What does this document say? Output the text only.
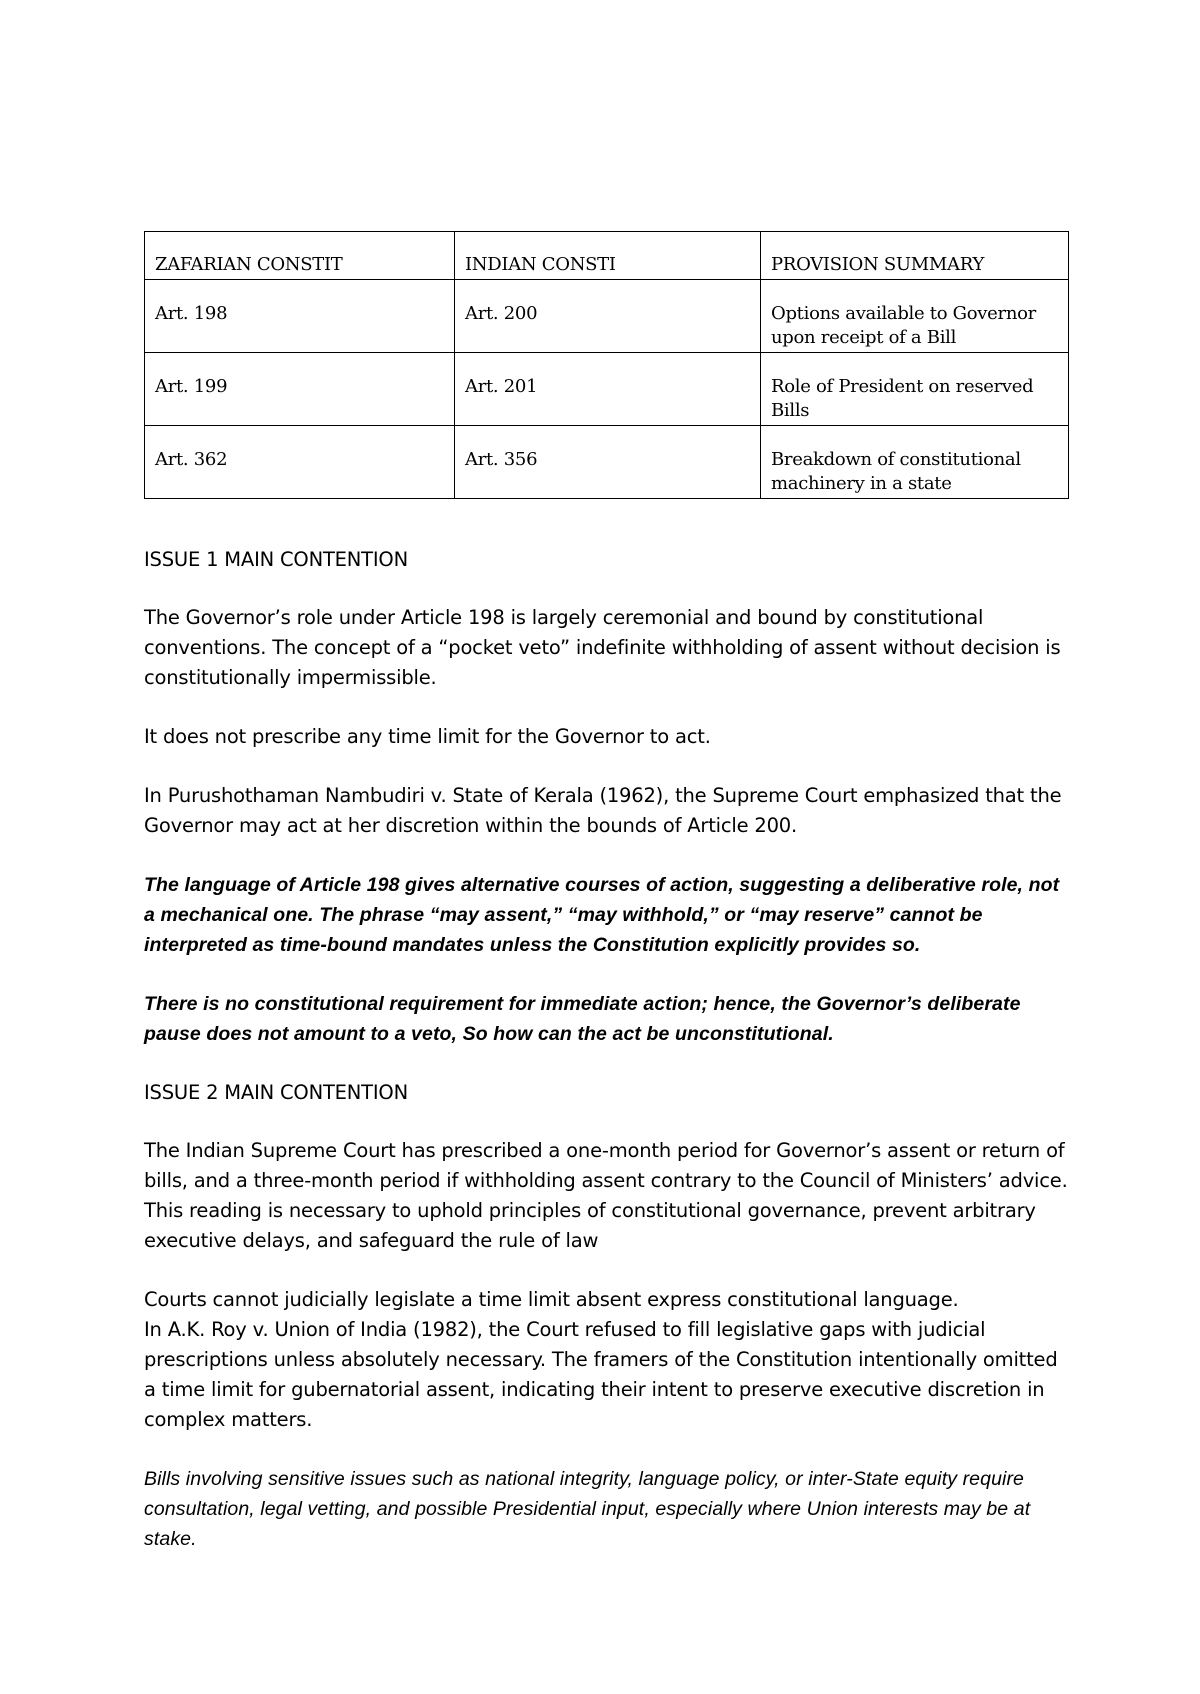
ZAFARIAN CONSTIT	INDIAN CONSTI	PROVISION SUMMARY
Art. 198	Art. 200	Options available to Governor upon receipt of a Bill
Art. 199	Art. 201	Role of President on reserved Bills
Art. 362	Art. 356	Breakdown of constitutional machinery in a state

ISSUE 1 MAIN CONTENTION

The Governor’s role under Article 198 is largely ceremonial and bound by constitutional conventions. The concept of a “pocket veto” indefinite withholding of assent without decision is constitutionally impermissible.

It does not prescribe any time limit for the Governor to act.

In Purushothaman Nambudiri v. State of Kerala (1962), the Supreme Court emphasized that the Governor may act at her discretion within the bounds of Article 200.

The language of Article 198 gives alternative courses of action, suggesting a deliberative role, not a mechanical one. The phrase “may assent,” “may withhold,” or “may reserve” cannot be interpreted as time-bound mandates unless the Constitution explicitly provides so.

There is no constitutional requirement for immediate action; hence, the Governor’s deliberate pause does not amount to a veto, So how can the act be unconstitutional.

ISSUE 2 MAIN CONTENTION

The Indian Supreme Court has prescribed a one-month period for Governor’s assent or return of bills, and a three-month period if withholding assent contrary to the Council of Ministers’ advice. This reading is necessary to uphold principles of constitutional governance, prevent arbitrary executive delays, and safeguard the rule of law

Courts cannot judicially legislate a time limit absent express constitutional language.

In A.K. Roy v. Union of India (1982), the Court refused to fill legislative gaps with judicial prescriptions unless absolutely necessary. The framers of the Constitution intentionally omitted a time limit for gubernatorial assent, indicating their intent to preserve executive discretion in complex matters.

Bills involving sensitive issues such as national integrity, language policy, or inter-State equity require consultation, legal vetting, and possible Presidential input, especially where Union interests may be at stake.
